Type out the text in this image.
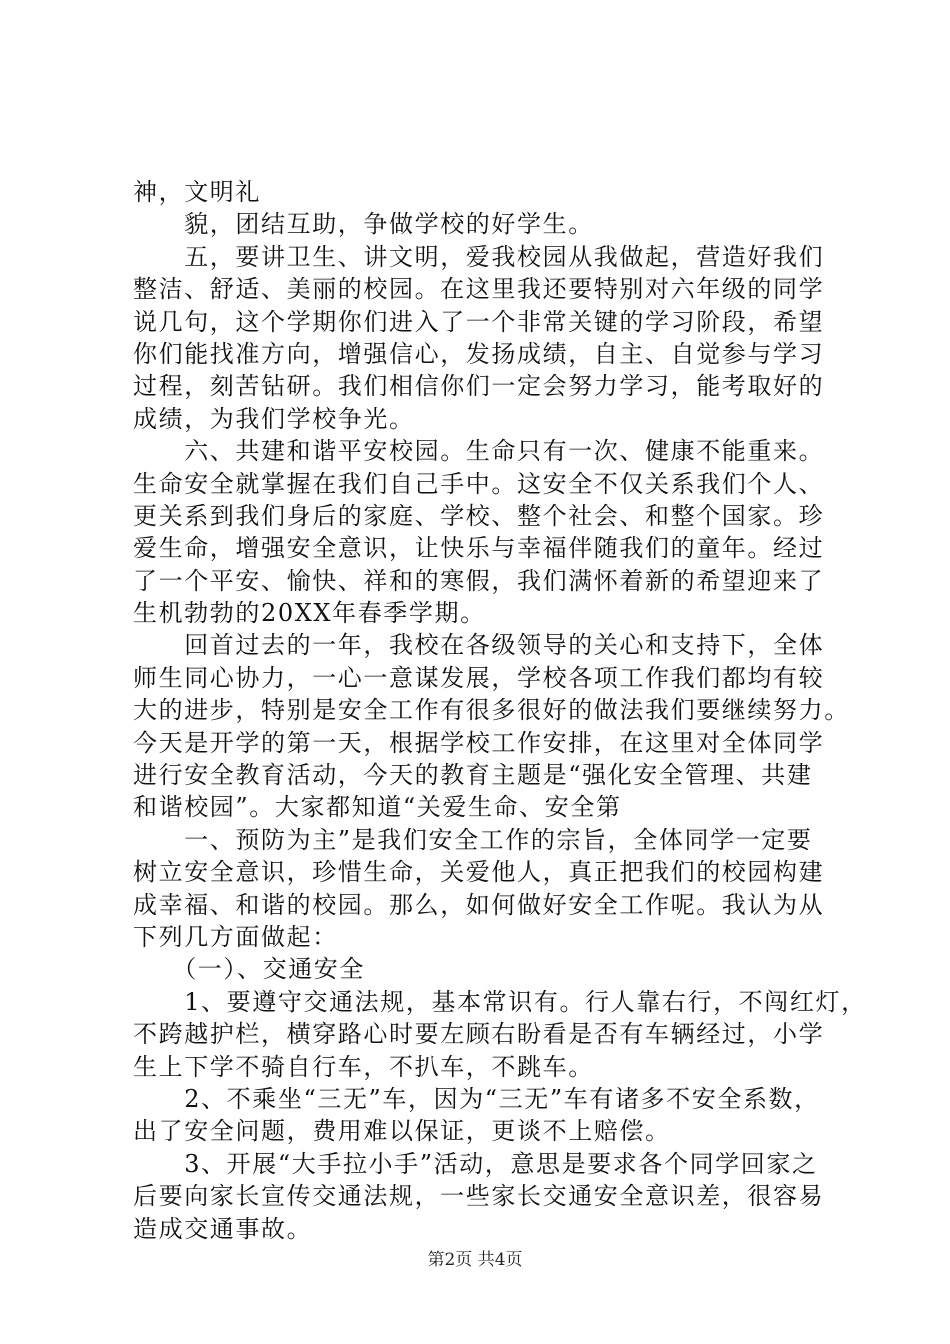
神，文明礼
　　貌，团结互助，争做学校的好学生。
　　五，要讲卫生、讲文明，爱我校园从我做起，营造好我们
整洁、舒适、美丽的校园。在这里我还要特别对六年级的同学
说几句，这个学期你们进入了一个非常关键的学习阶段，希望
你们能找准方向，增强信心，发扬成绩，自主、自觉参与学习
过程，刻苦钻研。我们相信你们一定会努力学习，能考取好的
成绩，为我们学校争光。
　　六、共建和谐平安校园。生命只有一次、健康不能重来。
生命安全就掌握在我们自己手中。这安全不仅关系我们个人、
更关系到我们身后的家庭、学校、整个社会、和整个国家。珍
爱生命，增强安全意识，让快乐与幸福伴随我们的童年。经过
了一个平安、愉快、祥和的寒假，我们满怀着新的希望迎来了
生机勃勃的20XX年春季学期。
　　回首过去的一年，我校在各级领导的关心和支持下，全体
师生同心协力，一心一意谋发展，学校各项工作我们都均有较
大的进步，特别是安全工作有很多很好的做法我们要继续努力。
今天是开学的第一天，根据学校工作安排，在这里对全体同学
进行安全教育活动，今天的教育主题是“强化安全管理、共建
和谐校园”。大家都知道“关爱生命、安全第
　　一、预防为主”是我们安全工作的宗旨，全体同学一定要
树立安全意识，珍惜生命，关爱他人，真正把我们的校园构建
成幸福、和谐的校园。那么，如何做好安全工作呢。我认为从
下列几方面做起：
　　（一）、交通安全
　　1、要遵守交通法规，基本常识有。行人靠右行，不闯红灯，
不跨越护栏，横穿路心时要左顾右盼看是否有车辆经过，小学
生上下学不骑自行车，不扒车，不跳车。
　　2、不乘坐“三无”车，因为“三无”车有诸多不安全系数，
出了安全问题，费用难以保证，更谈不上赔偿。
　　3、开展“大手拉小手”活动，意思是要求各个同学回家之
后要向家长宣传交通法规，一些家长交通安全意识差，很容易
造成交通事故。
第2页 共4页
